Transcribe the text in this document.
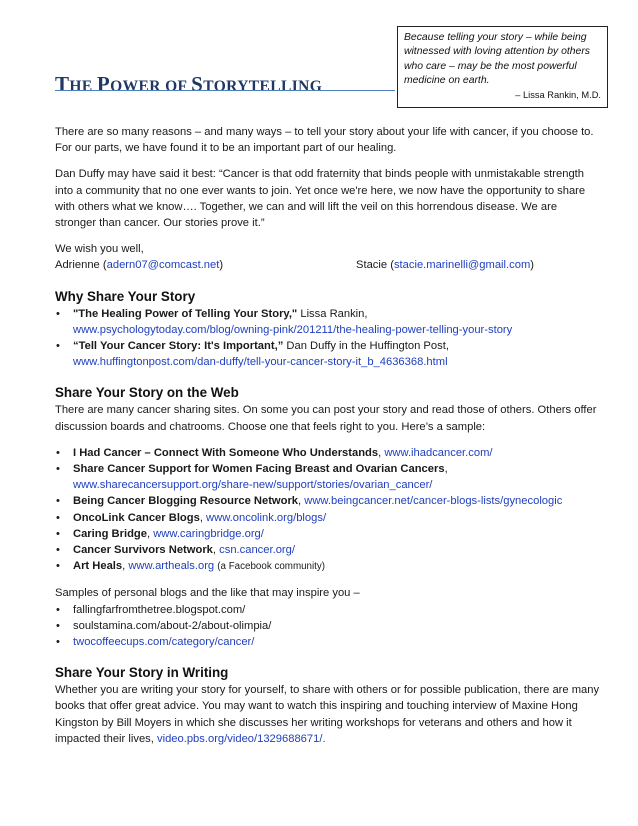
THE POWER OF STORYTELLING
Because telling your story – while being witnessed with loving attention by others who care – may be the most powerful medicine on earth.
– Lissa Rankin, M.D.

There are so many reasons – and many ways – to tell your story about your life with cancer, if you choose to. For our parts, we have found it to be an important part of our healing.

Dan Duffy may have said it best: “Cancer is that odd fraternity that binds people with unmistakable strength into a community that no one ever wants to join. Yet once we're here, we now have the opportunity to share with others what we know…. Together, we can and will lift the veil on this horrendous disease. We are stronger than cancer. Our stories prove it.”

We wish you well,

Adrienne (adern07@comcast.net)	Stacie (stacie.marinelli@gmail.com)
Why Share Your Story
• "The Healing Power of Telling Your Story," Lissa Rankin,
www.psychologytoday.com/blog/owning-pink/201211/the-healing-power-telling-your-story
• “Tell Your Cancer Story: It's Important,” Dan Duffy in the Huffington Post,
www.huffingtonpost.com/dan-duffy/tell-your-cancer-story-it_b_4636368.html
Share Your Story on the Web

There are many cancer sharing sites. On some you can post your story and read those of others. Others offer discussion boards and chatrooms. Choose one that feels right to you. Here’s a sample:

• I Had Cancer – Connect With Someone Who Understands, www.ihadcancer.com/
• Share Cancer Support for Women Facing Breast and Ovarian Cancers,
www.sharecancersupport.org/share-new/support/stories/ovarian_cancer/
• Being Cancer Blogging Resource Network, www.beingcancer.net/cancer-blogs-lists/gynecologic
• OncoLink Cancer Blogs, www.oncolink.org/blogs/
• Caring Bridge, www.caringbridge.org/
• Cancer Survivors Network, csn.cancer.org/
• Art Heals, www.artheals.org (a Facebook community)

Samples of personal blogs and the like that may inspire you –

• fallingfarfromthetree.blogspot.com/
• soulstamina.com/about-2/about-olimpia/
• twocoffeecups.com/category/cancer/
Share Your Story in Writing

Whether you are writing your story for yourself, to share with others or for possible publication, there are many books that offer great advice. You may want to watch this inspiring and touching interview of Maxine Hong Kingston by Bill Moyers in which she discusses her writing workshops for veterans and others and how it impacted their lives, video.pbs.org/video/1329688671/.
